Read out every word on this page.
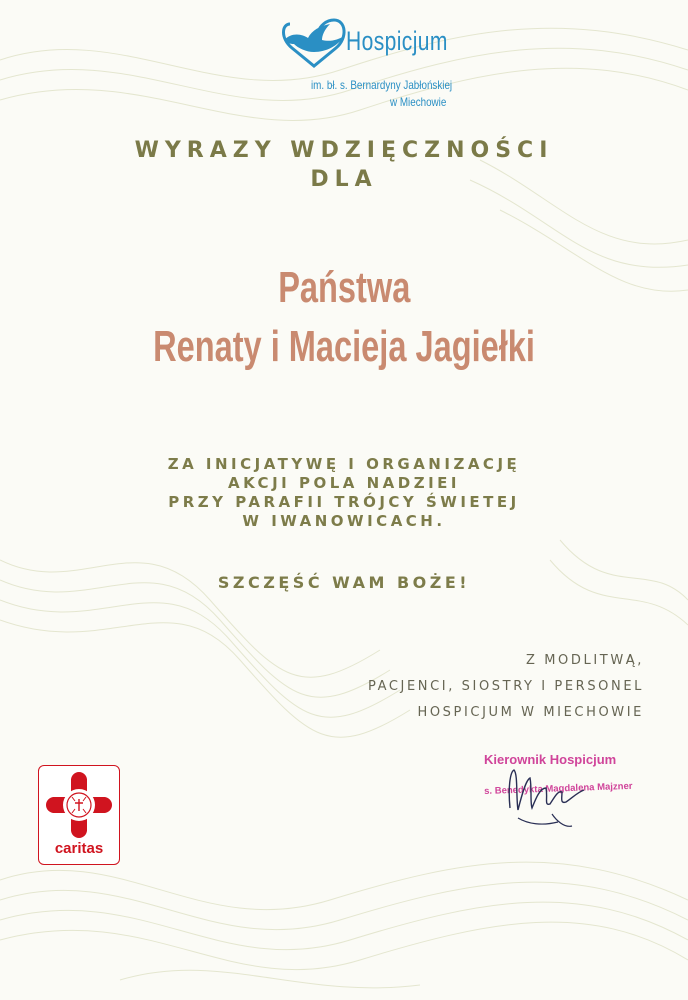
Hospicjum
im. bł. s. Bernardyny Jabłońskiej
w Miechowie
WYRAZY WDZIĘCZNOŚCI
DLA
Państwa
Renaty i Macieja Jagiełki
ZA INICJATYWĘ I ORGANIZACJĘ
AKCJI POLA NADZIEI
PRZY PARAFII TRÓJCY ŚWIETEJ
W IWANOWICACH.
SZCZĘŚĆ WAM BOŻE!
Z MODLITWĄ,
PACJENCI, SIOSTRY I PERSONEL
HOSPICJUM W MIECHOWIE
Kierownik Hospicjum
s. Benedykta Magdalena Majzner
caritas
